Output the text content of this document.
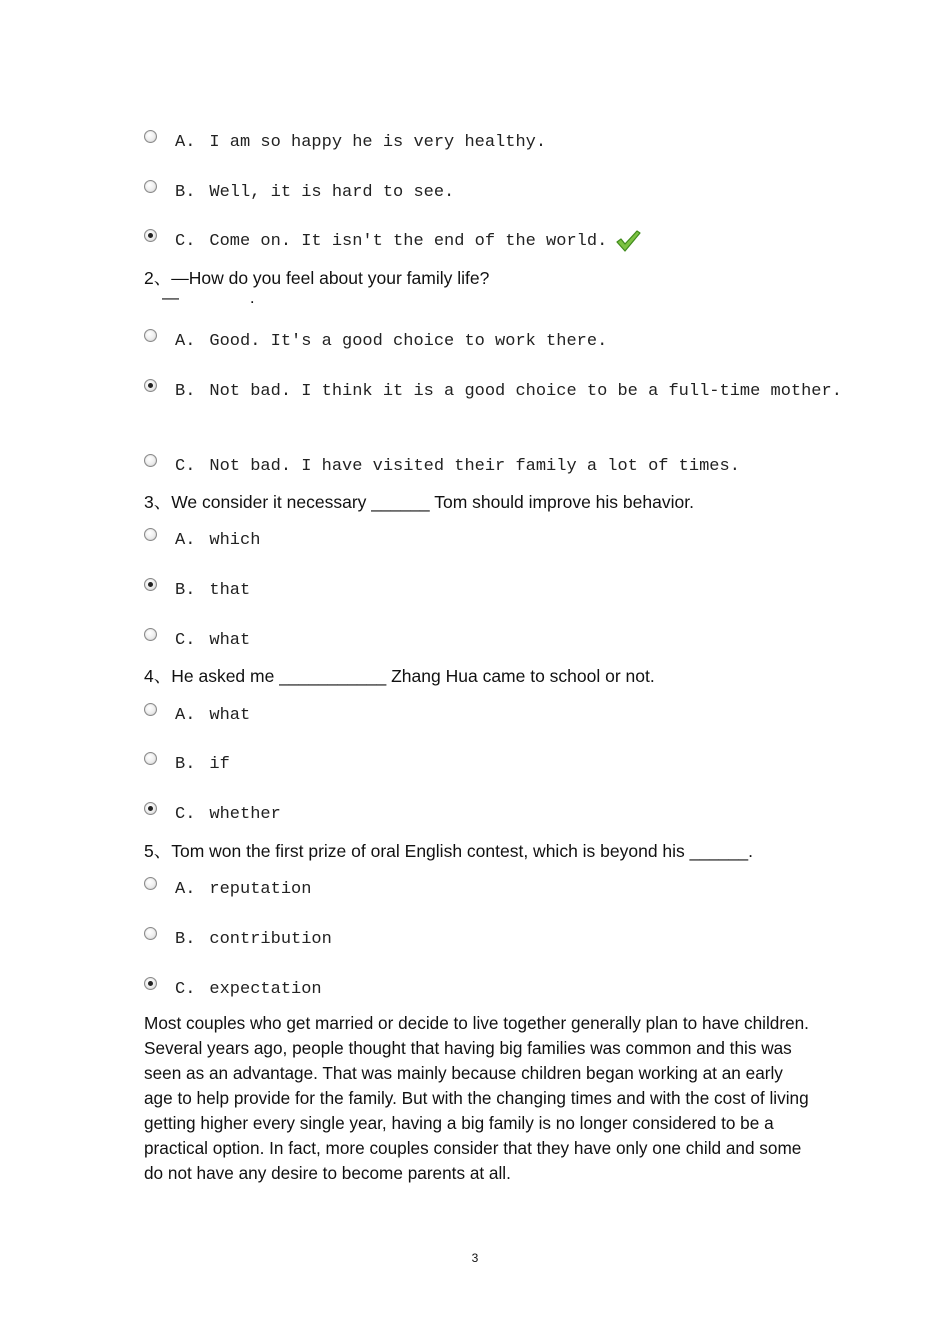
A. I am so happy he is very healthy.
B. Well, it is hard to see.
C. Come on. It isn't the end of the world.
2、—How do you feel about your family life?
—               .
A. Good. It's a good choice to work there.
B. Not bad. I think it is a good choice to be a full-time mother.
C. Not bad. I have visited their family a lot of times.
3、We consider it necessary ______ Tom should improve his behavior.
A. which
B. that
C. what
4、He asked me ___________ Zhang Hua came to school or not.
A. what
B. if
C. whether
5、Tom won the first prize of oral English contest, which is beyond his ______.
A. reputation
B. contribution
C. expectation
Most couples who get married or decide to live together generally plan to have children. Several years ago, people thought that having big families was common and this was seen as an advantage. That was mainly because children began working at an early age to help provide for the family. But with the changing times and with the cost of living getting higher every single year, having a big family is no longer considered to be a practical option. In fact, more couples consider that they have only one child and some do not have any desire to become parents at all.
3
